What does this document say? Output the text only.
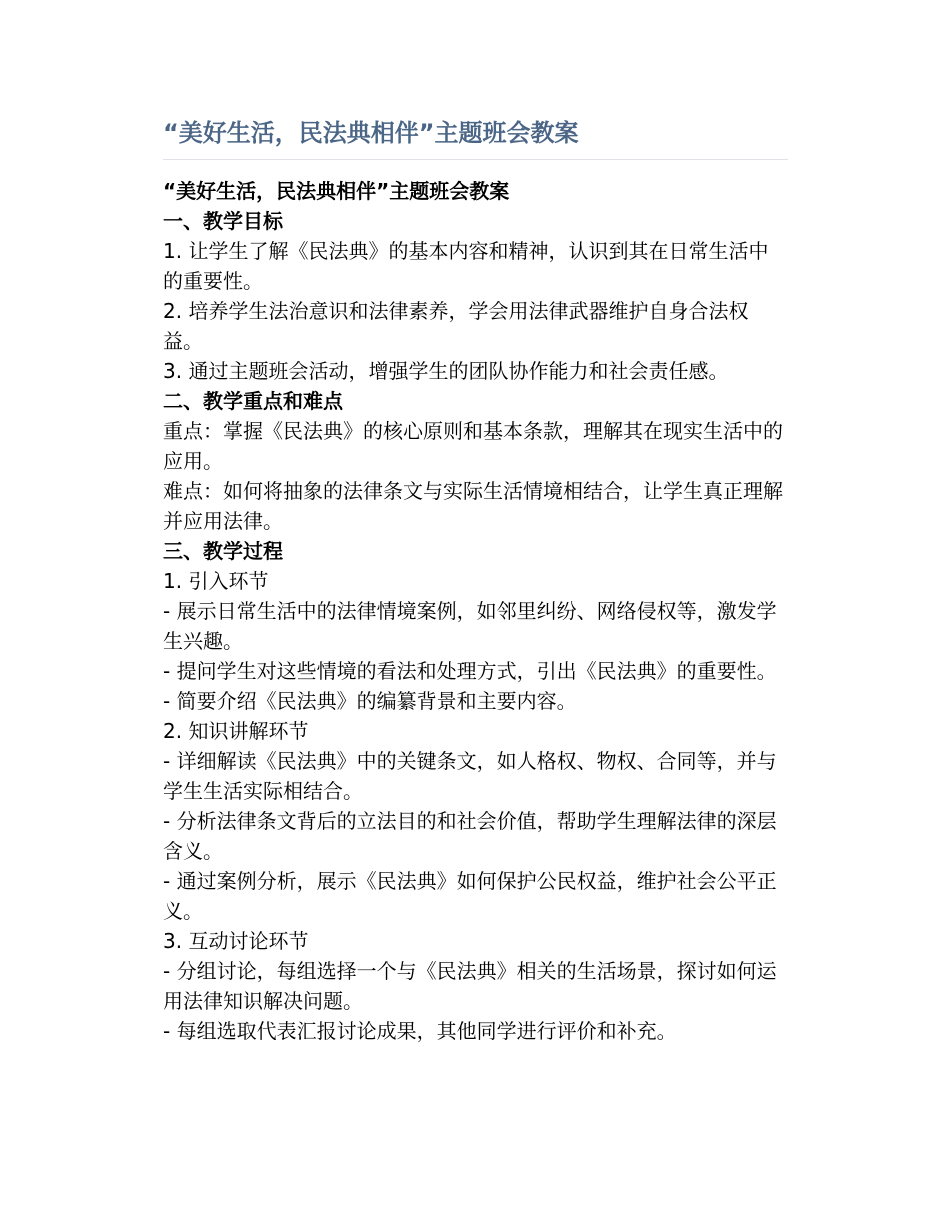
“美好生活，民法典相伴”主题班会教案

“美好生活，民法典相伴”主题班会教案

一、教学目标

1. 让学生了解《民法典》的基本内容和精神，认识到其在日常生活中的重要性。

2. 培养学生法治意识和法律素养，学会用法律武器维护自身合法权益。

3. 通过主题班会活动，增强学生的团队协作能力和社会责任感。

二、教学重点和难点

重点：掌握《民法典》的核心原则和基本条款，理解其在现实生活中的应用。

难点：如何将抽象的法律条文与实际生活情境相结合，让学生真正理解并应用法律。

三、教学过程

1. 引入环节

- 展示日常生活中的法律情境案例，如邻里纠纷、网络侵权等，激发学生兴趣。

- 提问学生对这些情境的看法和处理方式，引出《民法典》的重要性。

- 简要介绍《民法典》的编纂背景和主要内容。

2. 知识讲解环节

- 详细解读《民法典》中的关键条文，如人格权、物权、合同等，并与学生生活实际相结合。

- 分析法律条文背后的立法目的和社会价值，帮助学生理解法律的深层含义。

- 通过案例分析，展示《民法典》如何保护公民权益，维护社会公平正义。

3. 互动讨论环节

- 分组讨论，每组选择一个与《民法典》相关的生活场景，探讨如何运用法律知识解决问题。

- 每组选取代表汇报讨论成果，其他同学进行评价和补充。
